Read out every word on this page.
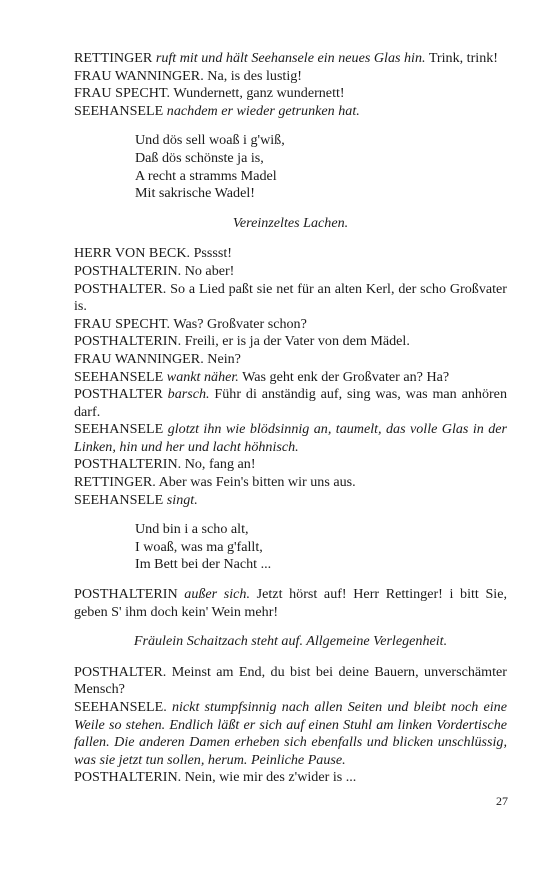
RETTINGER ruft mit und hält Seehansele ein neues Glas hin. Trink, trink!

FRAU WANNINGER. Na, is des lustig!

FRAU SPECHT. Wundernett, ganz wundernett!

SEEHANSELE nachdem er wieder getrunken hat.

Und dös sell woaß i g'wiß,

Daß dös schönste ja is,

A recht a stramms Madel

Mit sakrische Wadel!

Vereinzeltes Lachen.

HERR VON BECK. Psssst!

POSTHALTERIN. No aber!

POSTHALTER. So a Lied paßt sie net für an alten Kerl, der scho Großvater is.

FRAU SPECHT. Was? Großvater schon?

POSTHALTERIN. Freili, er is ja der Vater von dem Mädel.

FRAU WANNINGER. Nein?

SEEHANSELE wankt näher. Was geht enk der Großvater an? Ha?

POSTHALTER barsch. Führ di anständig auf, sing was, was man anhören darf.

SEEHANSELE glotzt ihn wie blödsinnig an, taumelt, das volle Glas in der Linken, hin und her und lacht höhnisch.

POSTHALTERIN. No, fang an!

RETTINGER. Aber was Fein's bitten wir uns aus.

SEEHANSELE singt.

Und bin i a scho alt,

I woaß, was ma g'fallt,

Im Bett bei der Nacht ...

POSTHALTERIN außer sich. Jetzt hörst auf! Herr Rettinger! i bitt Sie, geben S' ihm doch kein' Wein mehr!

Fräulein Schaitzach steht auf. Allgemeine Verlegenheit.

POSTHALTER. Meinst am End, du bist bei deine Bauern, unverschämter Mensch?

SEEHANSELE. nickt stumpfsinnig nach allen Seiten und bleibt noch eine Weile so stehen. Endlich läßt er sich auf einen Stuhl am linken Vordertische fallen. Die anderen Damen erheben sich ebenfalls und blicken unschlüssig, was sie jetzt tun sollen, herum. Peinliche Pause.

POSTHALTERIN. Nein, wie mir des z'wider is ...

27
